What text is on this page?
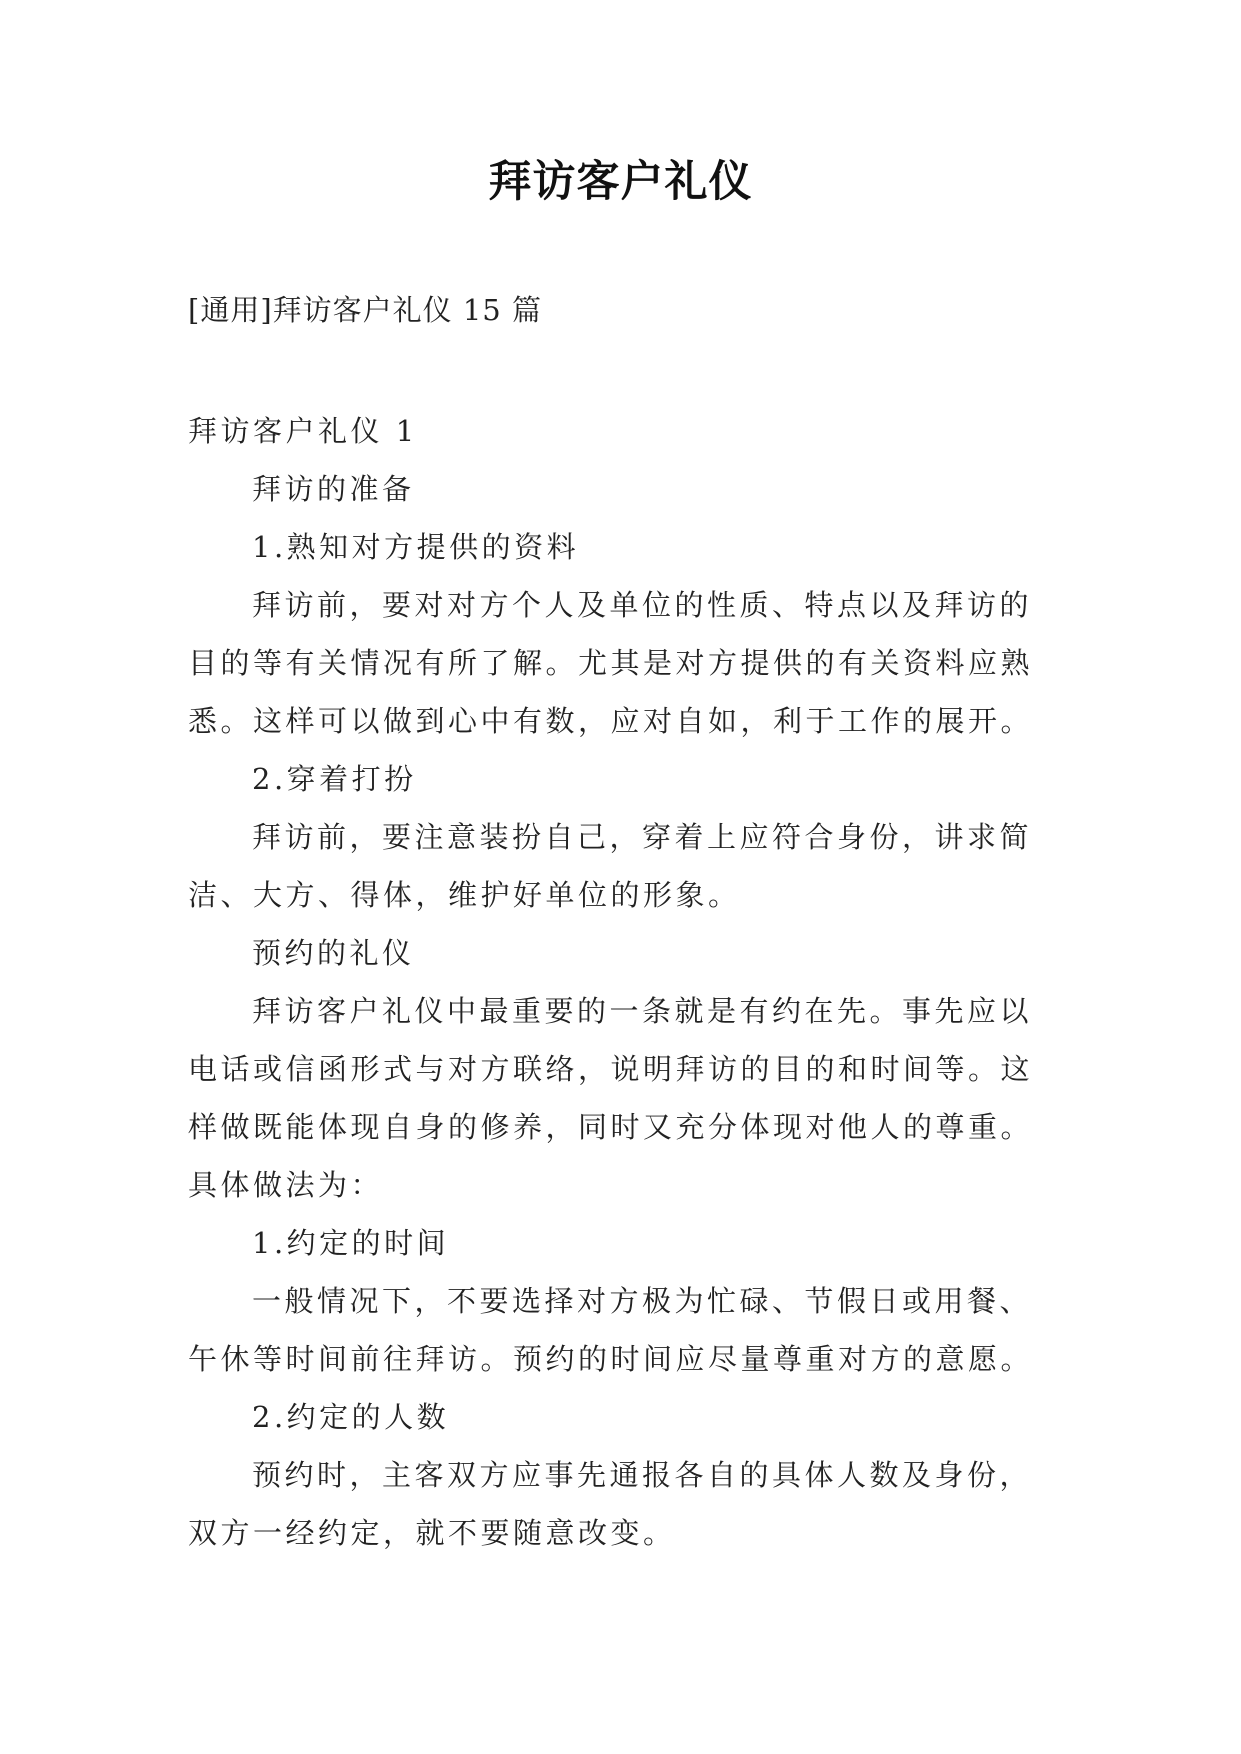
拜访客户礼仪
[通用]拜访客户礼仪 15 篇

拜访客户礼仪 1

拜访的准备

1.熟知对方提供的资料

拜访前，要对对方个人及单位的性质、特点以及拜访的目的等有关情况有所了解。尤其是对方提供的有关资料应熟悉。这样可以做到心中有数，应对自如，利于工作的展开。

2.穿着打扮

拜访前，要注意装扮自己，穿着上应符合身份，讲求简洁、大方、得体，维护好单位的形象。

预约的礼仪

拜访客户礼仪中最重要的一条就是有约在先。事先应以电话或信函形式与对方联络，说明拜访的目的和时间等。这样做既能体现自身的修养，同时又充分体现对他人的尊重。具体做法为：

1.约定的时间

一般情况下，不要选择对方极为忙碌、节假日或用餐、午休等时间前往拜访。预约的时间应尽量尊重对方的意愿。

2.约定的人数

预约时，主客双方应事先通报各自的具体人数及身份，双方一经约定，就不要随意改变。
